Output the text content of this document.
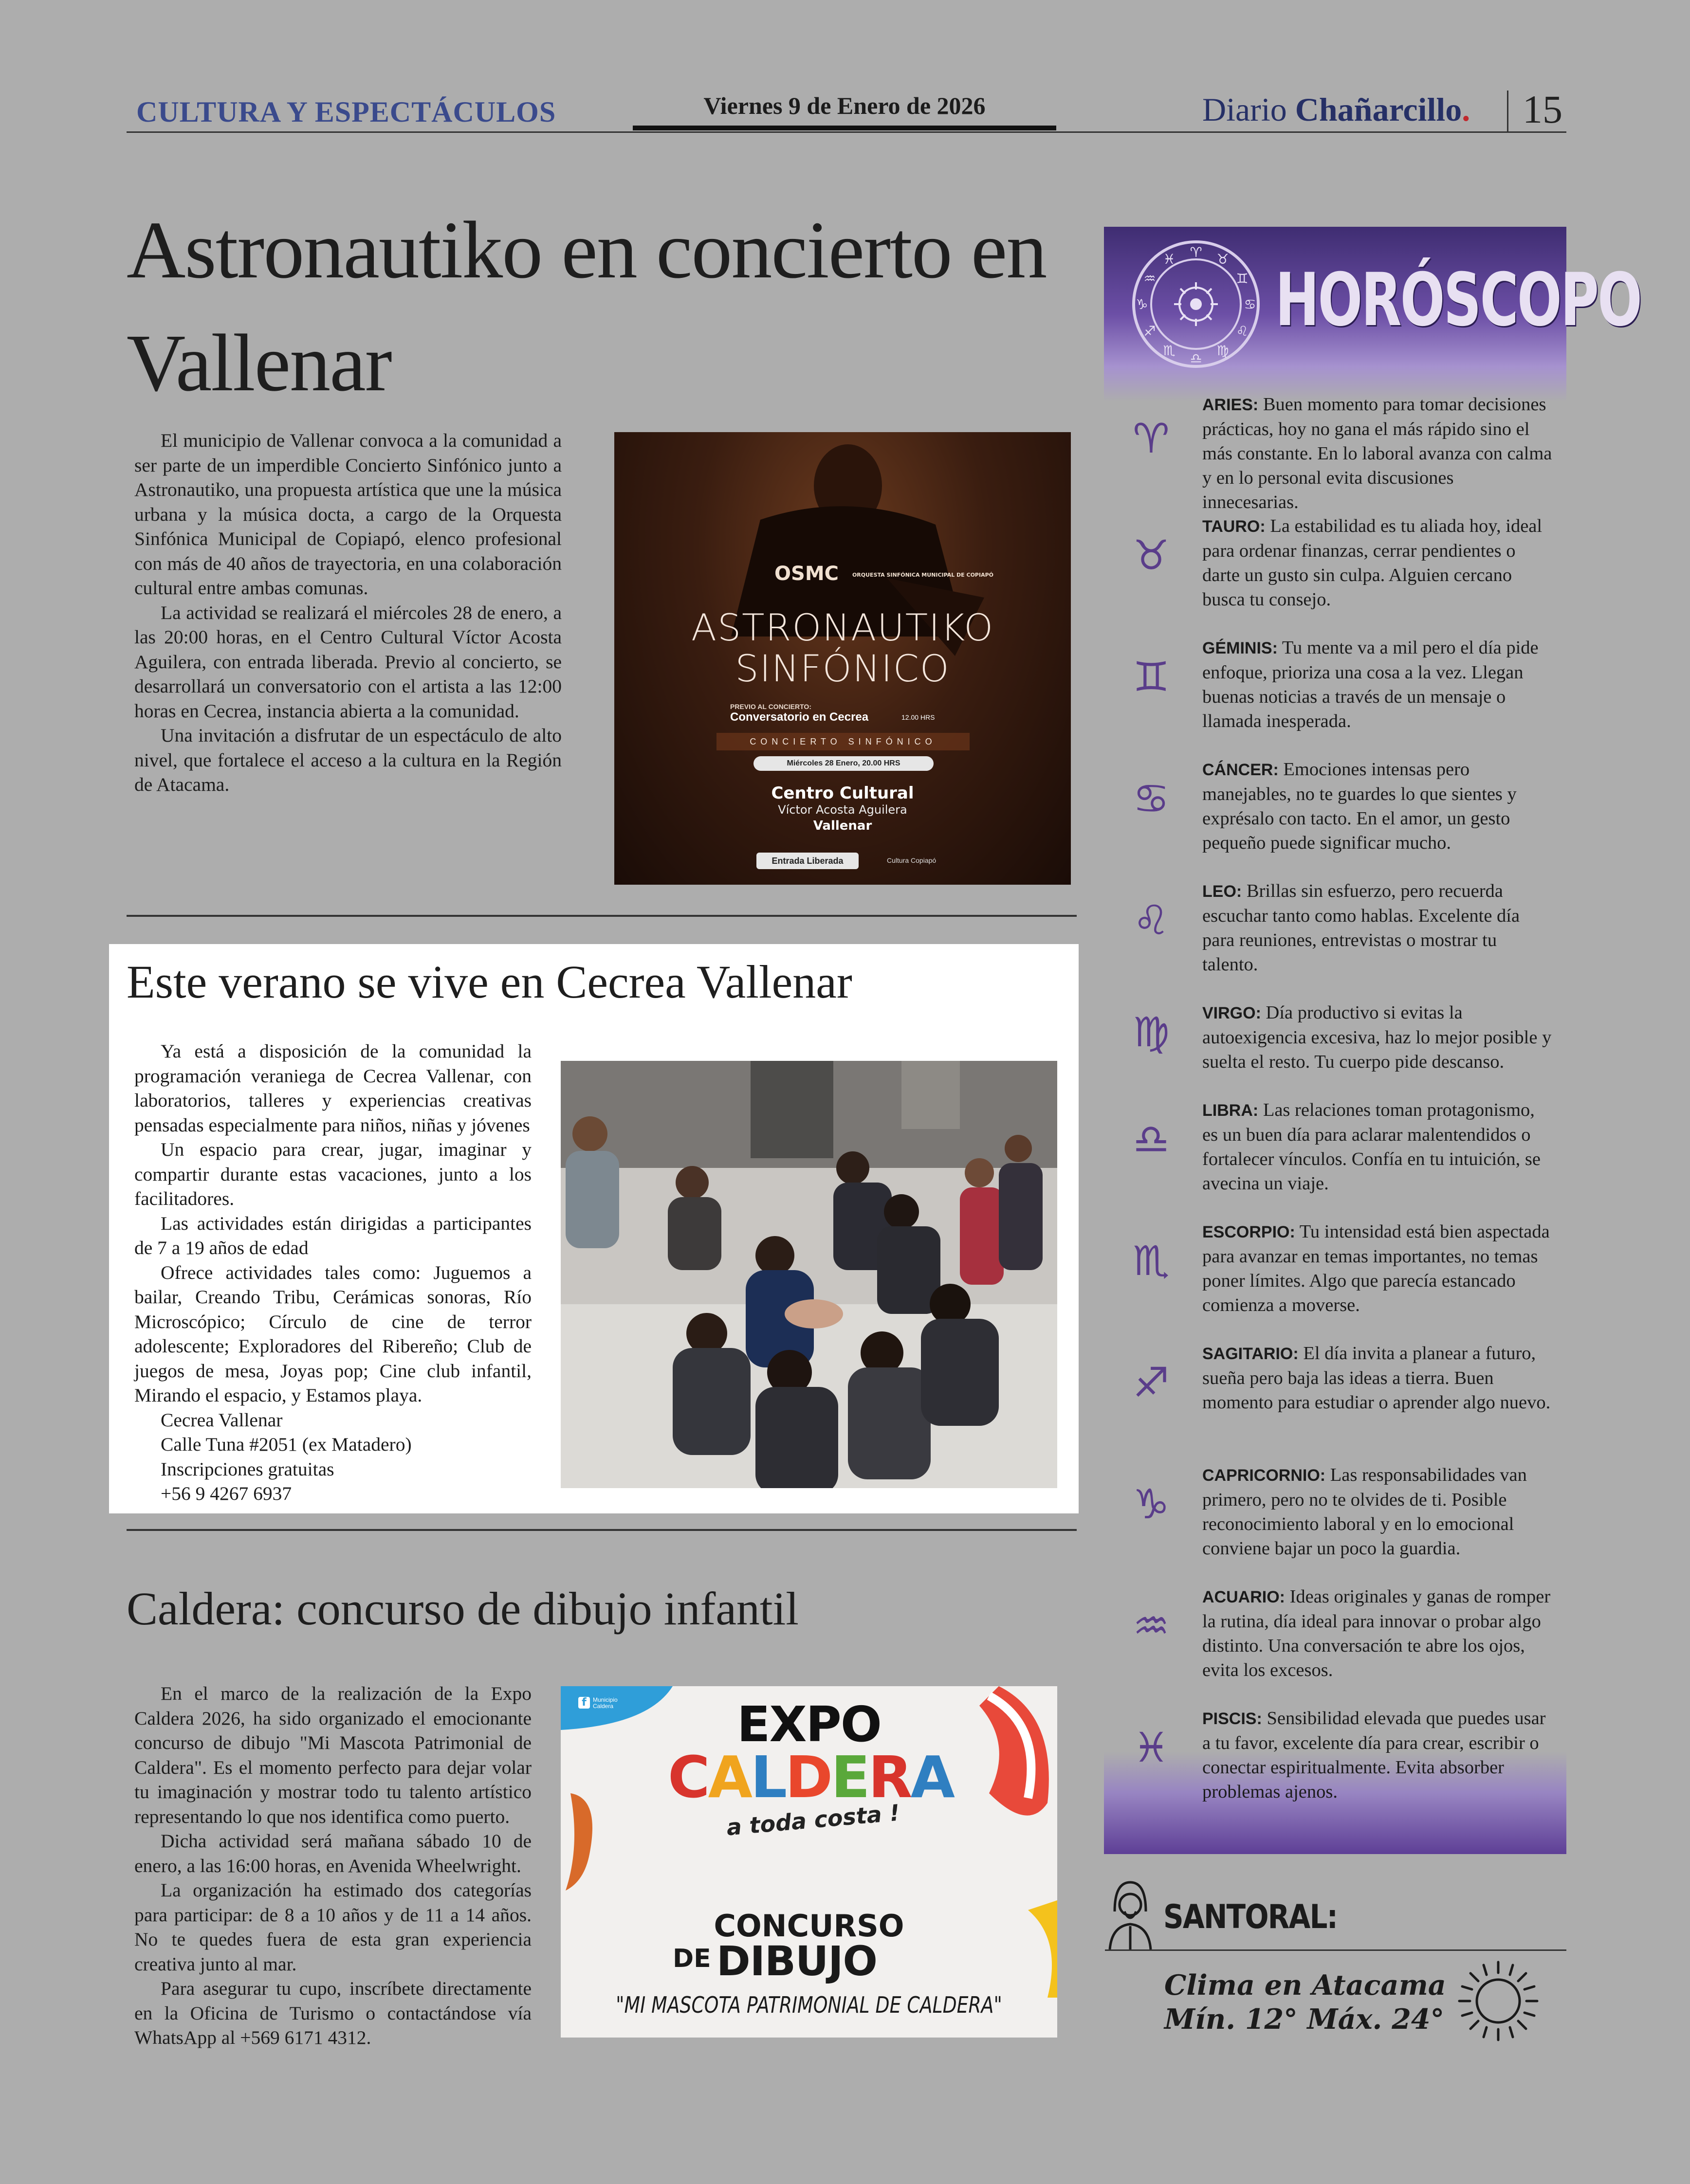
CULTURA Y ESPECTÁCULOS	Viernes 9 de Enero de 2026	Diario Chañarcillo. 15
Astronautiko en concierto en Vallenar

El municipio de Vallenar convoca a la comunidad a ser parte de un imperdible Concierto Sinfónico junto a Astronautiko, una propuesta artística que une la música urbana y la música docta, a cargo de la Orquesta Sinfónica Municipal de Copiapó, elenco profesional con más de 40 años de trayectoria, en una colaboración cultural entre ambas comunas.

La actividad se realizará el miércoles 28 de enero, a las 20:00 horas, en el Centro Cultural Víctor Acosta Aguilera, con entrada liberada. Previo al concierto, se desarrollará un conversatorio con el artista a las 12:00 horas en Cecrea, instancia abierta a la comunidad.

Una invitación a disfrutar de un espectáculo de alto nivel, que fortalece el acceso a la cultura en la Región de Atacama.

OSMC	ORQUESTA SINFÓNICA MUNICIPAL DE COPIAPÓ
ASTRONAUTIKO
SINFÓNICO
PREVIO AL CONCIERTO:
Conversatorio en Cecrea	12.00 HRS
CONCIERTO SINFÓNICO
Miércoles 28 Enero, 20.00 HRS
Centro Cultural
Víctor Acosta Aguilera
Vallenar
Entrada Liberada	Cultura Copiapó
Este verano se vive en Cecrea Vallenar

Ya está a disposición de la comunidad la programación veraniega de Cecrea Vallenar, con laboratorios, talleres y experiencias creativas pensadas especialmente para niños, niñas y jóvenes

Un espacio para crear, jugar, imaginar y compartir durante estas vacaciones, junto a los facilitadores.

Las actividades están dirigidas a participantes de 7 a 19 años de edad

Ofrece actividades tales como: Juguemos a bailar, Creando Tribu, Cerámicas sonoras, Río Microscópico; Círculo de cine de terror adolescente; Exploradores del Ribereño; Club de juegos de mesa, Joyas pop; Cine club infantil, Mirando el espacio, y Estamos playa.

Cecrea Vallenar

Calle Tuna #2051 (ex Matadero)

Inscripciones gratuitas

+56 9 4267 6937

Caldera: concurso de dibujo infantil

En el marco de la realización de la Expo Caldera 2026, ha sido organizado el emocionante concurso de dibujo "Mi Mascota Patrimonial de Caldera". Es el momento perfecto para dejar volar tu imaginación y mostrar todo tu talento artístico representando lo que nos identifica como puerto.

Dicha actividad será mañana sábado 10 de enero, a las 16:00 horas, en Avenida Wheelwright.

La organización ha estimado dos categorías para participar: de 8 a 10 años y de 11 a 14 años. No te quedes fuera de esta gran experiencia creativa junto al mar.

Para asegurar tu cupo, inscríbete directamente en la Oficina de Turismo o contactándose vía WhatsApp al +569 6171 4312.

f	Municipio Caldera	EXPO
CALDERA
a toda costa !
CONCURSO
DE DIBUJO
"MI MASCOTA PATRIMONIAL DE CALDERA"
♈ ♉
♊
♋
♌
♍
♎
♏
♐
♑
♒
♓ HORÓSCOPO
ARIES: Buen momento para tomar decisiones prácticas, hoy no gana el más rápido sino el más constante. En lo laboral avanza con calma y en lo personal evita discusiones innecesarias.
♈
TAURO: La estabilidad es tu aliada hoy, ideal para ordenar finanzas, cerrar pendientes o darte un gusto sin culpa. Alguien cercano busca tu consejo.
♉
GÉMINIS: Tu mente va a mil pero el día pide enfoque, prioriza una cosa a la vez. Llegan buenas noticias a través de un mensaje o llamada inesperada.
♊
CÁNCER: Emociones intensas pero manejables, no te guardes lo que sientes y exprésalo con tacto. En el amor, un gesto pequeño puede significar mucho.
♋
LEO: Brillas sin esfuerzo, pero recuerda escuchar tanto como hablas. Excelente día para reuniones, entrevistas o mostrar tu talento.
♌
VIRGO: Día productivo si evitas la autoexigencia excesiva, haz lo mejor posible y suelta el resto. Tu cuerpo pide descanso.
♍
LIBRA: Las relaciones toman protagonismo, es un buen día para aclarar malentendidos o fortalecer vínculos. Confía en tu intuición, se avecina un viaje.
♎
ESCORPIO: Tu intensidad está bien aspectada para avanzar en temas importantes, no temas poner límites. Algo que parecía estancado comienza a moverse.
♏
SAGITARIO: El día invita a planear a futuro, sueña pero baja las ideas a tierra. Buen momento para estudiar o aprender algo nuevo.
♐
CAPRICORNIO: Las responsabilidades van primero, pero no te olvides de ti. Posible reconocimiento laboral y en lo emocional conviene bajar un poco la guardia.
♑
ACUARIO: Ideas originales y ganas de romper la rutina, día ideal para innovar o probar algo distinto. Una conversación te abre los ojos, evita los excesos.
♒
PISCIS: Sensibilidad elevada que puedes usar a tu favor, excelente día para crear, escribir o conectar espiritualmente. Evita absorber problemas ajenos.
♓
SANTORAL:
Clima en Atacama
Mín. 12° Máx. 24°
